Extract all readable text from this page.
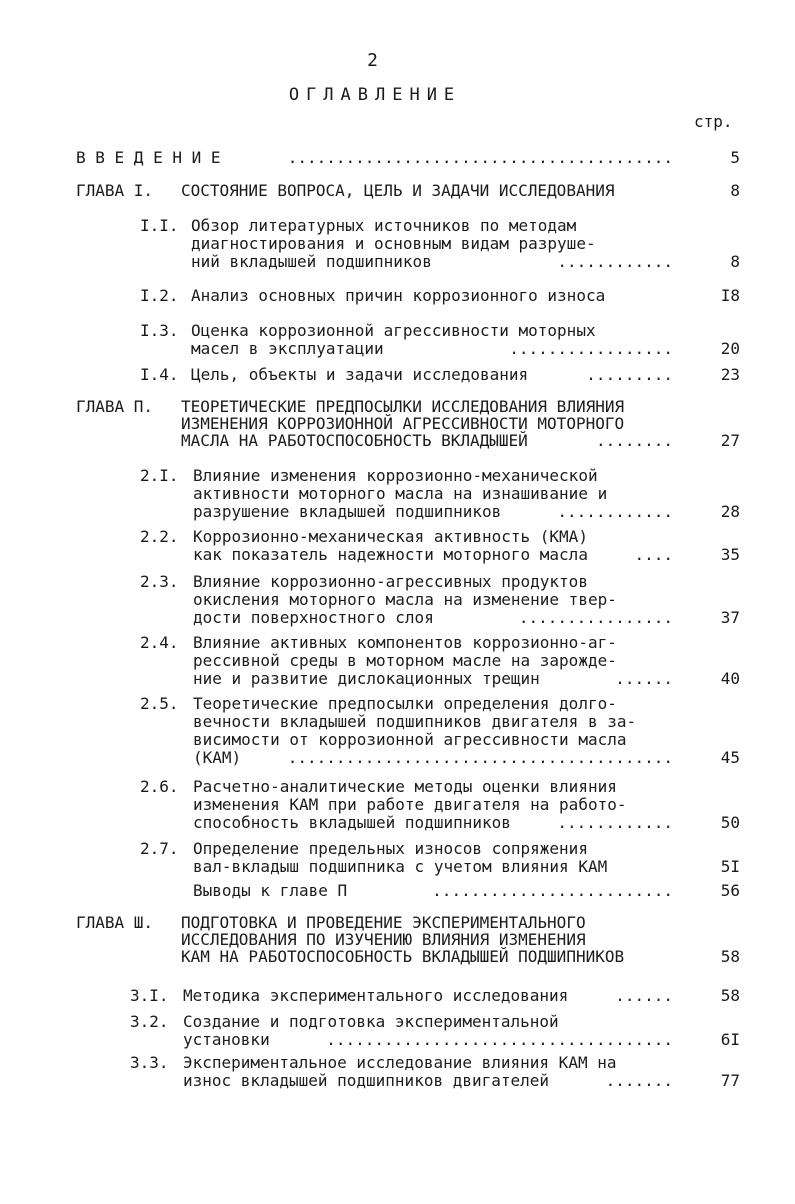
2
ОГЛАВЛЕНИЕ
стр.
В В Е Д Е Н И Е	........................................	5
ГЛАВА I. СОСТОЯНИЕ ВОПРОСА, ЦЕЛЬ И ЗАДАЧИ ИССЛЕДОВАНИЯ	8
I.I. Обзор литературных источников по методам
диагностирования и основным видам разруше-
ний вкладышей подшипников	............	8
I.2. Анализ основных причин коррозионного износа	I8
I.3. Оценка коррозионной агрессивности моторных
масел в эксплуатации	.................	20
I.4. Цель, объекты и задачи исследования	.........	23
ГЛАВА П. ТЕОРЕТИЧЕСКИЕ ПРЕДПОСЫЛКИ ИССЛЕДОВАНИЯ ВЛИЯНИЯ
ИЗМЕНЕНИЯ КОРРОЗИОННОЙ АГРЕССИВНОСТИ МОТОРНОГО
МАСЛА НА РАБОТОСПОСОБНОСТЬ ВКЛАДЫШЕЙ	........	27
2.I. Влияние изменения коррозионно-механической
активности моторного масла на изнашивание и
разрушение вкладышей подшипников	............	28
2.2. Коррозионно-механическая активность (КМА)
как показатель надежности моторного масла	....	35
2.3. Влияние коррозионно-агрессивных продуктов
окисления моторного масла на изменение твер-
дости поверхностного слоя	................	37
2.4. Влияние активных компонентов коррозионно-аг-
рессивной среды в моторном масле на зарожде-
ние и развитие дислокационных трещин	......	40
2.5. Теоретические предпосылки определения долго-
вечности вкладышей подшипников двигателя в за-
висимости от коррозионной агрессивности масла
(КАМ)	........................................	45
2.6. Расчетно-аналитические методы оценки влияния
изменения КАМ при работе двигателя на работо-
способность вкладышей подшипников	............	50
2.7. Определение предельных износов сопряжения
вал-вкладыш подшипника с учетом влияния КАМ	5I
Выводы к главе П	.........................	56
ГЛАВА Ш. ПОДГОТОВКА И ПРОВЕДЕНИЕ ЭКСПЕРИМЕНТАЛЬНОГО
ИССЛЕДОВАНИЯ ПО ИЗУЧЕНИЮ ВЛИЯНИЯ ИЗМЕНЕНИЯ
КАМ НА РАБОТОСПОСОБНОСТЬ ВКЛАДЫШЕЙ ПОДШИПНИКОВ	58
3.I. Методика экспериментального исследования	......	58
3.2. Создание и подготовка экспериментальной
установки	....................................	6I
3.3. Экспериментальное исследование влияния КАМ на
износ вкладышей подшипников двигателей	.......	77
